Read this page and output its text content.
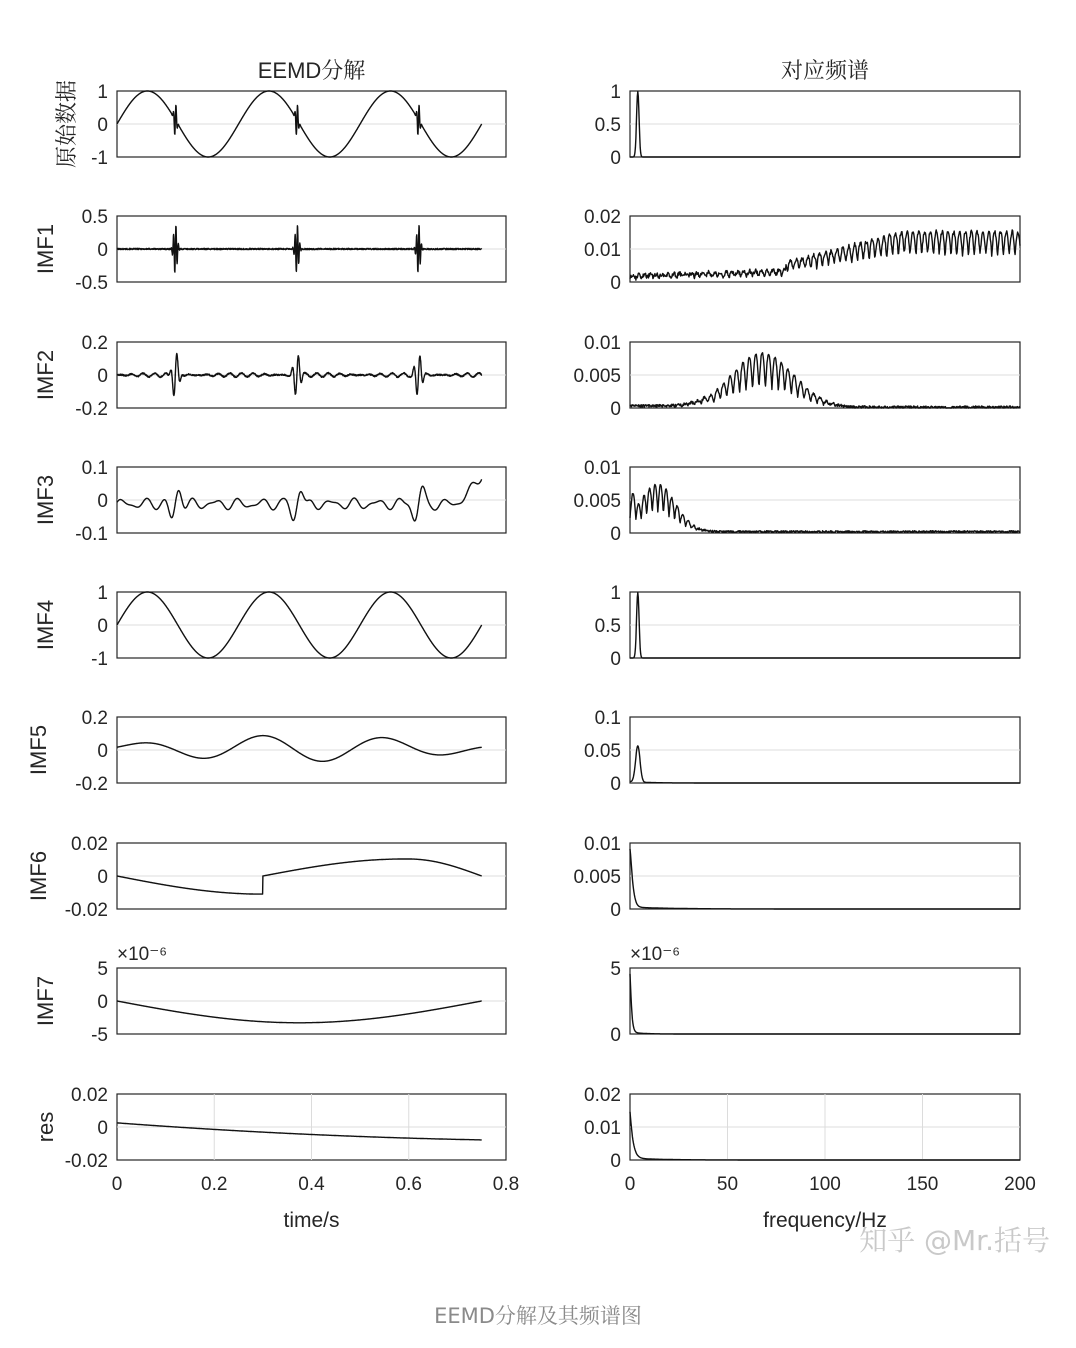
1
0
-1
1
0.5
0
原始数据
0.5
0
-0.5
0.02
0.01
0
IMF1
0.2
0
-0.2
0.01
0.005
0
IMF2
0.1
0
-0.1
0.01
0.005
0
IMF3
1
0
-1
1
0.5
0
IMF4
0.2
0
-0.2
0.1
0.05
0
IMF5
0.02
0
-0.02
0.01
0.005
0
IMF6
5
0
-5
×10⁻⁶
5
0
×10⁻⁶
IMF7
0.02
0
-0.02
0	0.2	0.4	0.6	0.8
0.02
0.01
0
0	50	100	150	200
res
EEMD分解	对应频谱
time/s	frequency/Hz
知乎 @Mr.括号
EEMD分解及其频谱图
